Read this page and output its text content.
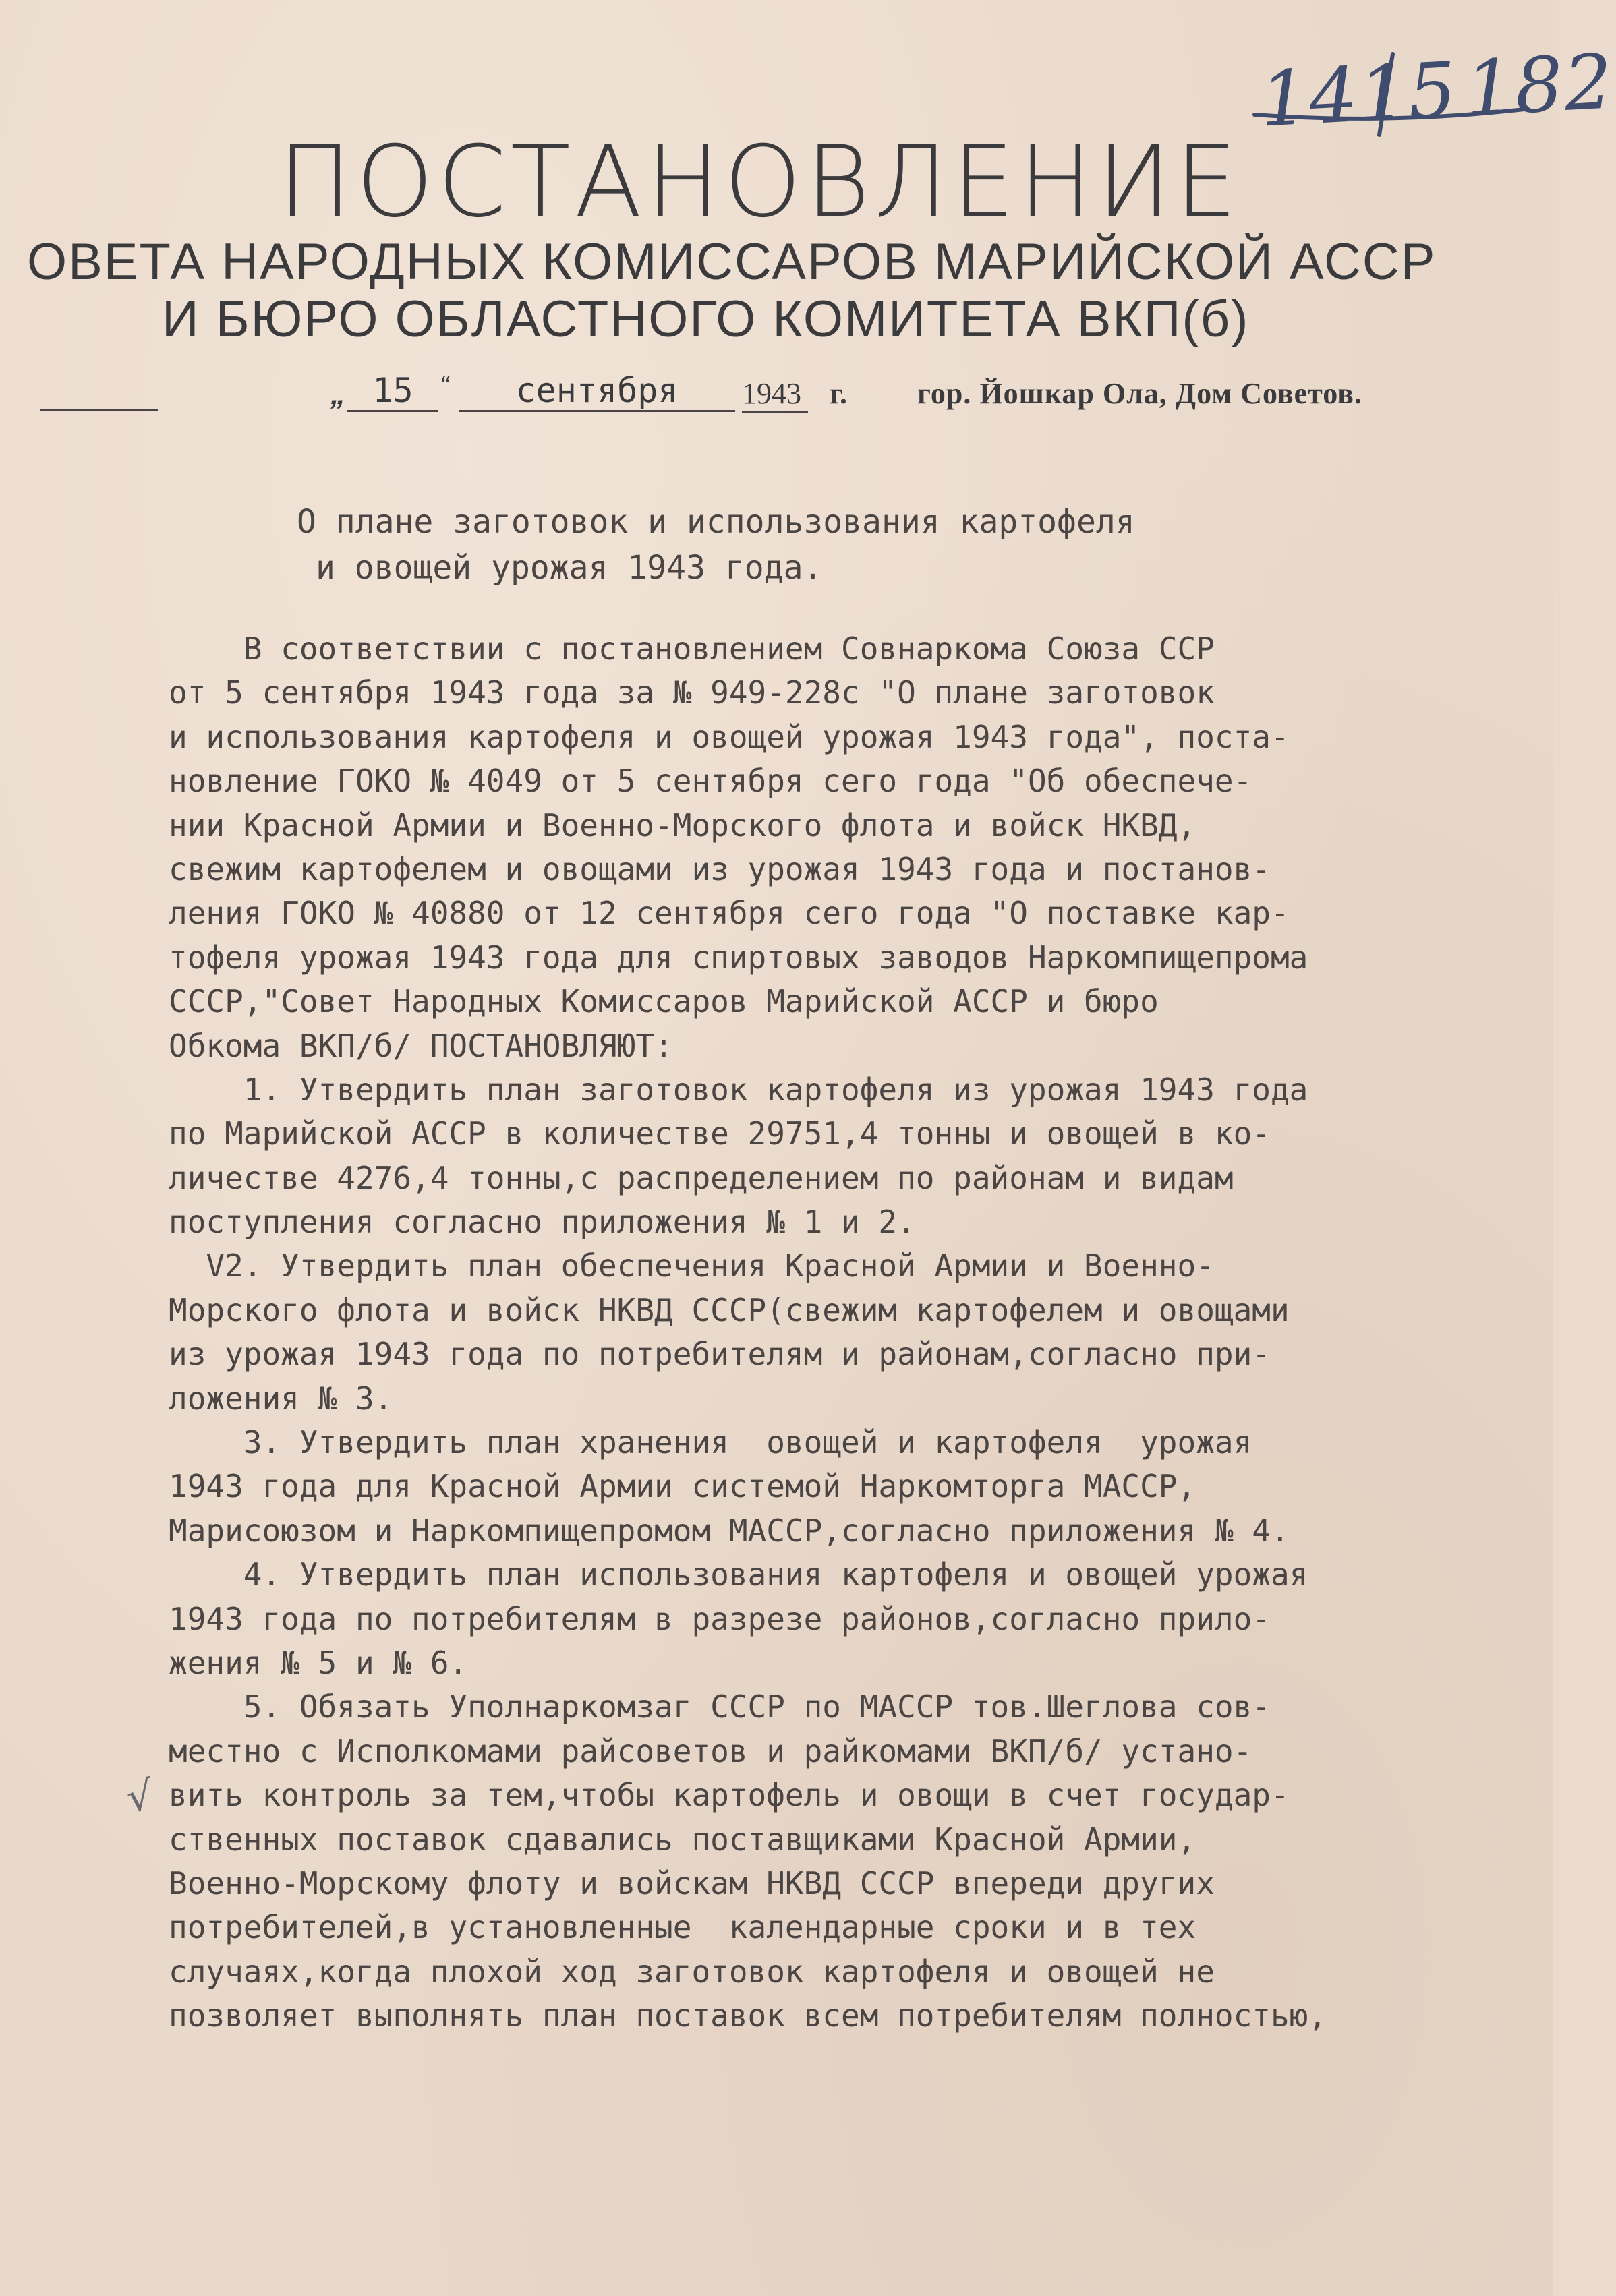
1415182
ПОСТАНОВЛЕНИЕ
ОВЕТА НАРОДНЫХ КОМИССАРОВ МАРИЙСКОЙ АССР
И БЮРО ОБЛАСТНОГО КОМИТЕТА ВКП(б)
„ 15 “	сентября	1943 г. гор. Йошкар Ола, Дом Советов.
О плане заготовок и использования картофеля
и овощей урожая 1943 года.
В соответствии с постановлением Совнаркома Союза ССР
от 5 сентября 1943 года за № 949-228с "О плане заготовок
и использования картофеля и овощей урожая 1943 года", поста-
новление ГОКО № 4049 от 5 сентября сего года "Об обеспече-
нии Красной Армии и Военно-Морского флота и войск НКВД,
свежим картофелем и овощами из урожая 1943 года и постанов-
ления ГОКО № 40880 от 12 сентября сего года "О поставке кар-
тофеля урожая 1943 года для спиртовых заводов Наркомпищепрома
СССР,"Совет Народных Комиссаров Марийской АССР и бюро
Обкома ВКП/б/ ПОСТАНОВЛЯЮТ:
1. Утвердить план заготовок картофеля из урожая 1943 года
по Марийской АССР в количестве 29751,4 тонны и овощей в ко-
личестве 4276,4 тонны,с распределением по районам и видам
поступления согласно приложения № 1 и 2.
V2. Утвердить план обеспечения Красной Армии и Военно-
Морского флота и войск НКВД СССР(свежим картофелем и овощами
из урожая 1943 года по потребителям и районам,согласно при-
ложения № 3.
3. Утвердить план хранения  овощей и картофеля  урожая
1943 года для Красной Армии системой Наркомторга МАССР,
Марисоюзом и Наркомпищепромом МАССР,согласно приложения № 4.
4. Утвердить план использования картофеля и овощей урожая
1943 года по потребителям в разрезе районов,согласно прило-
жения № 5 и № 6.
5. Обязать Уполнаркомзаг СССР по МАССР тов.Шеглова сов-
местно с Исполкомами райсоветов и райкомами ВКП/б/ устано-
вить контроль за тем,чтобы картофель и овощи в счет государ-
ственных поставок сдавались поставщиками Красной Армии,
Военно-Морскому флоту и войскам НКВД СССР впереди других
потребителей,в установленные  календарные сроки и в тех
случаях,когда плохой ход заготовок картофеля и овощей не
позволяет выполнять план поставок всем потребителям полностью,
√
